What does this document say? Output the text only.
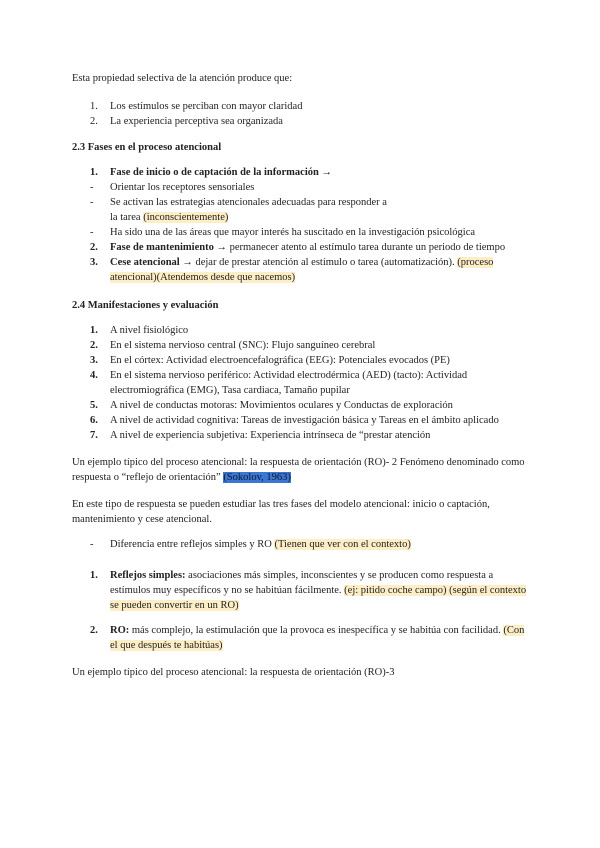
Esta propiedad selectiva de la atención produce que:

1.	Los estímulos se perciban con mayor claridad
2.	La experiencia perceptiva sea organizada

2.3 Fases en el proceso atencional

1.	Fase de inicio o de captación de la información →
-	Orientar los receptores sensoriales
-	Se activan las estrategias atencionales adecuadas para responder a
la tarea (inconscientemente)
-	Ha sido una de las áreas que mayor interés ha suscitado en la investigación psicológica
2.	Fase de mantenimiento → permanecer atento al estímulo tarea durante un periodo de tiempo
3.	Cese atencional → dejar de prestar atención al estímulo o tarea (automatización). (proceso atencional)(Atendemos desde que nacemos)

2.4 Manifestaciones y evaluación

1.	A nivel fisiológico
2.	En el sistema nervioso central (SNC): Flujo sanguíneo cerebral
3.	En el córtex: Actividad electroencefalográfica (EEG): Potenciales evocados (PE)
4.	En el sistema nervioso periférico: Actividad electrodérmica (AED) (tacto): Actividad electromiográfica (EMG), Tasa cardiaca, Tamaño pupilar
5.	A nivel de conductas motoras: Movimientos oculares y Conductas de exploración
6.	A nivel de actividad cognitiva: Tareas de investigación básica y Tareas en el ámbito aplicado
7.	A nivel de experiencia subjetiva: Experiencia intrínseca de “prestar atención

Un ejemplo típico del proceso atencional: la respuesta de orientación (RO)- 2 Fenómeno denominado como respuesta o “reflejo de orientación” (Sokolov, 1963)

En este tipo de respuesta se pueden estudiar las tres fases del modelo atencional: inicio o captación, mantenimiento y cese atencional.

-	Diferencia entre reflejos simples y RO (Tienen que ver con el contexto)
1.	Reflejos simples: asociaciones más simples, inconscientes y se producen como respuesta a estímulos muy específicos y no se habitúan fácilmente. (ej: pitido coche campo) (según el contexto se pueden convertir en un RO)
2.	RO: más complejo, la estimulación que la provoca es inespecífica y se habitúa con facilidad. (Con el que después te habitúas)

Un ejemplo típico del proceso atencional: la respuesta de orientación (RO)-3
